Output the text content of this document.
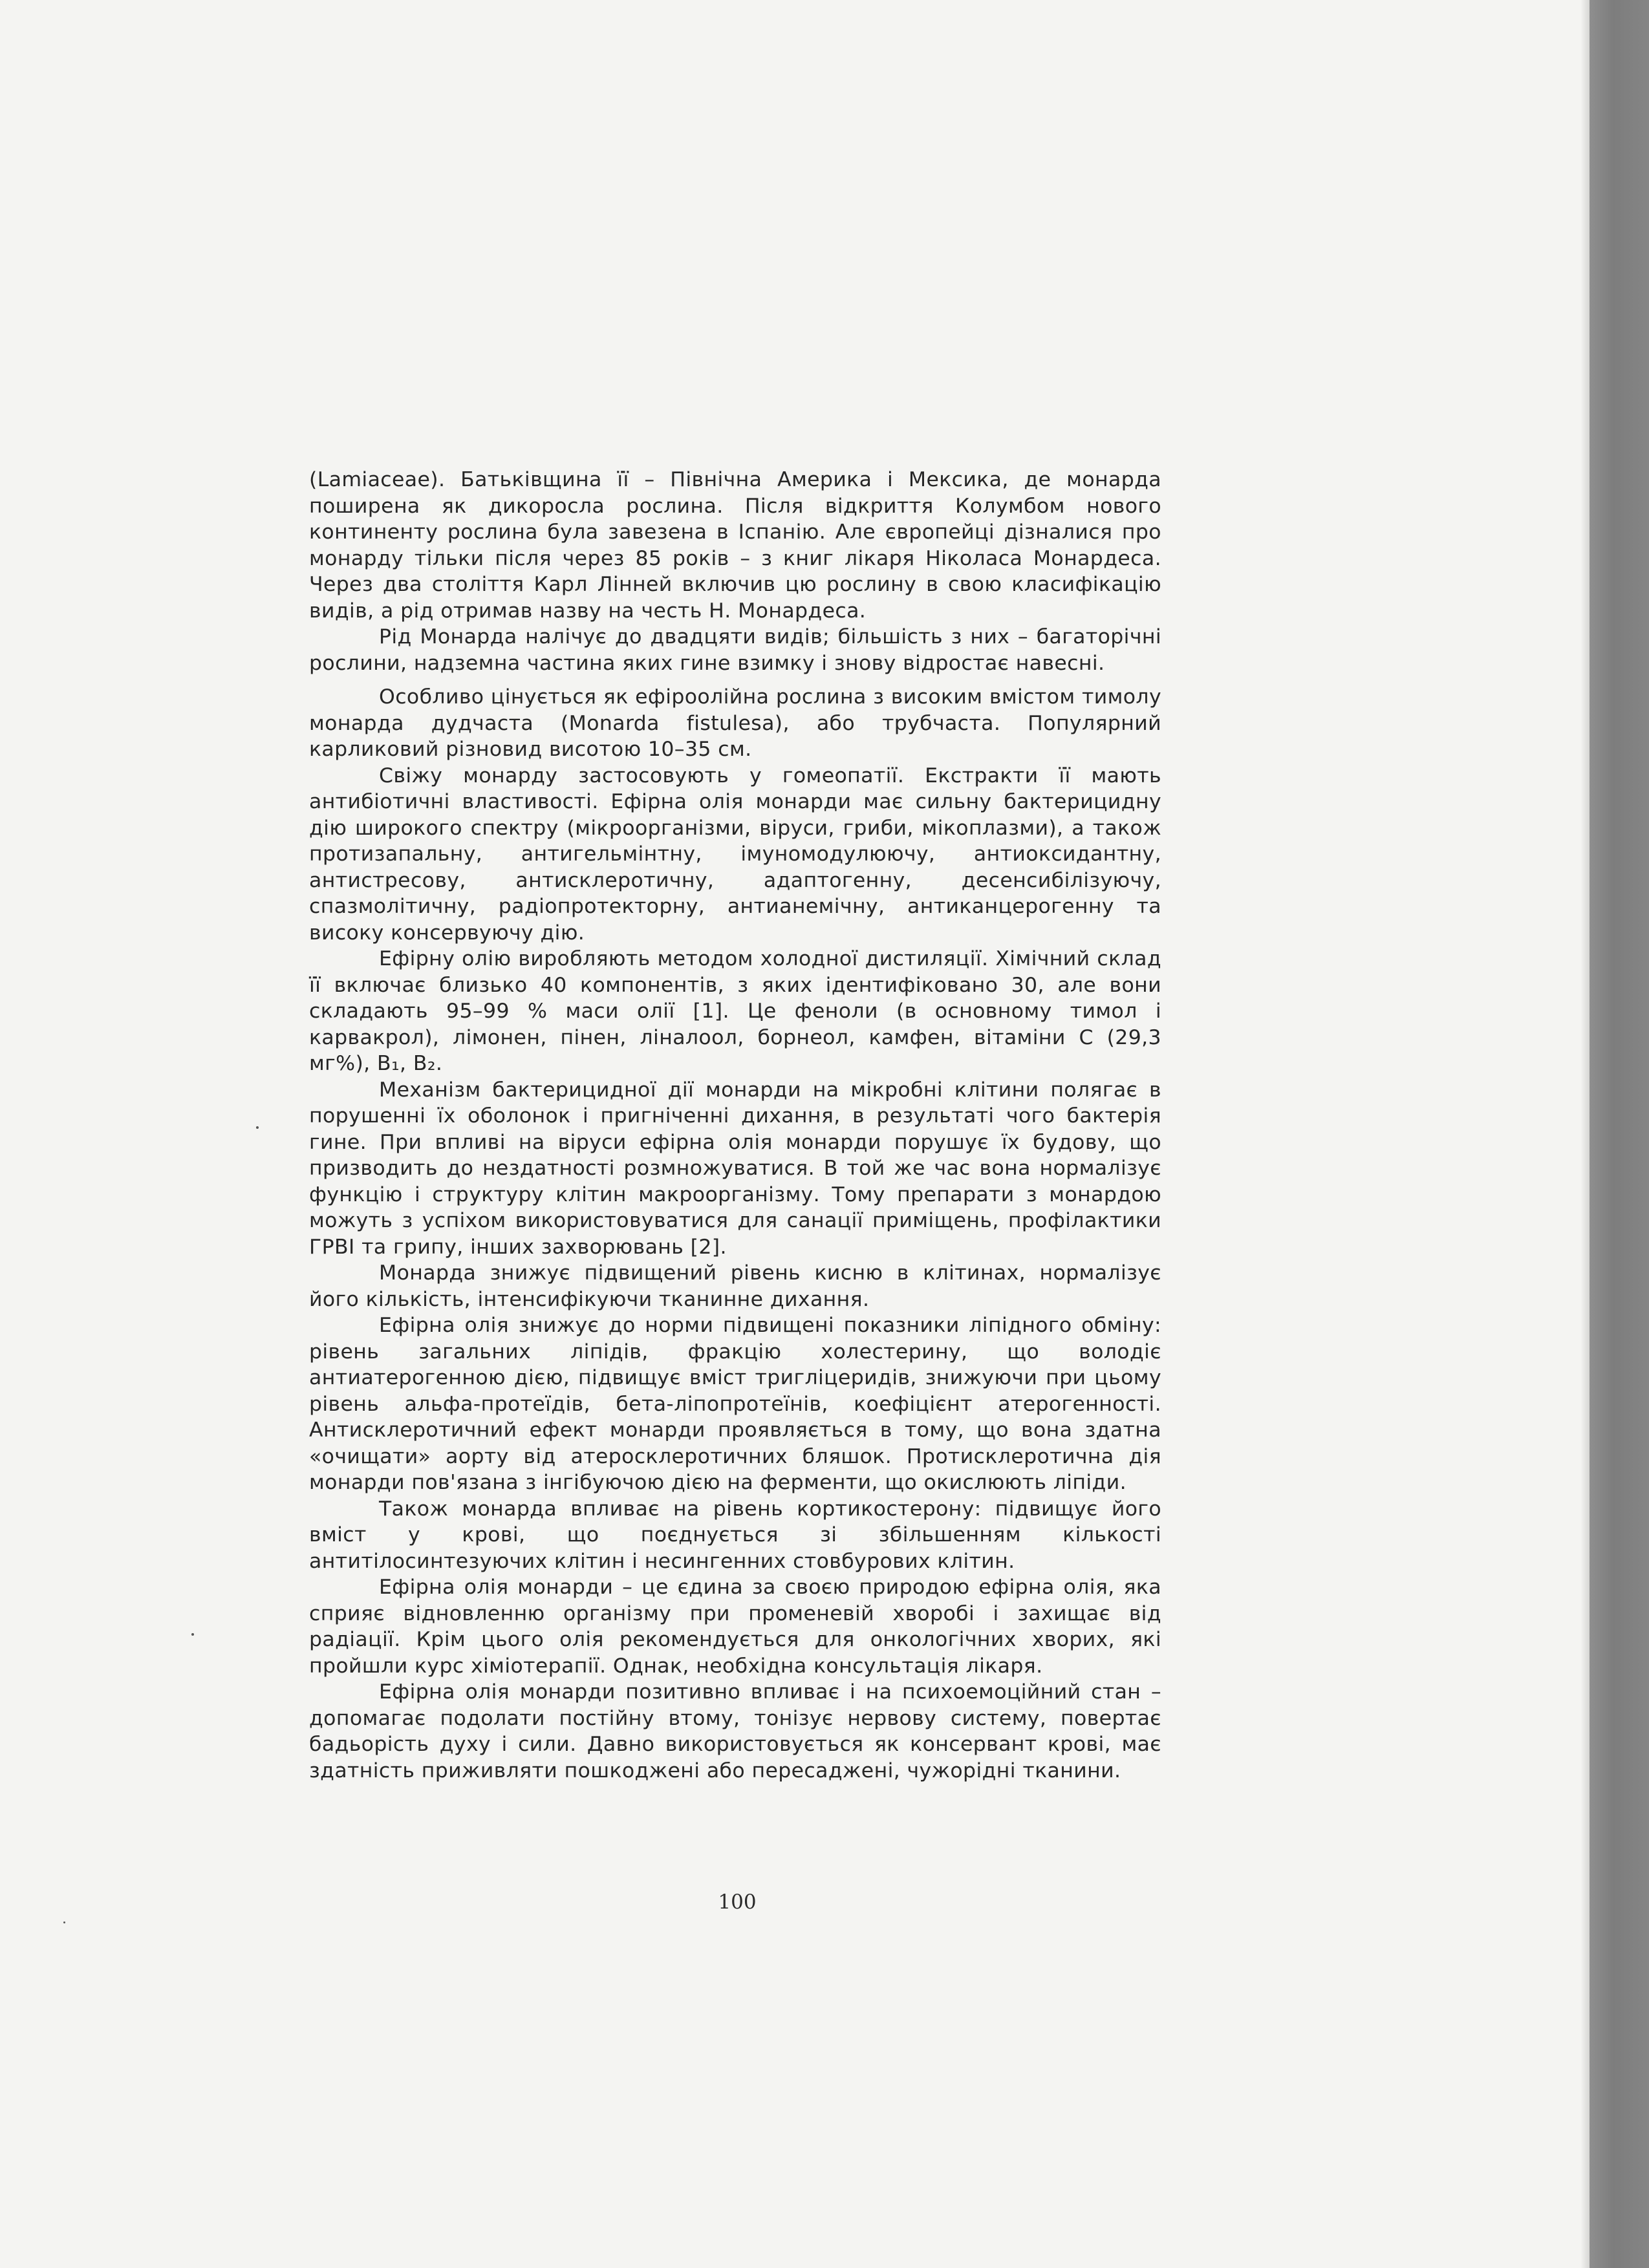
(Lamiaceae). Батьківщина її – Північна Америка і Мексика, де монарда поширена як дикоросла рослина. Після відкриття Колумбом нового континенту рослина була завезена в Іспанію. Але європейці дізналися про монарду тільки після через 85 років – з книг лікаря Ніколаса Монардеса. Через два століття Карл Лінней включив цю рослину в свою класифікацію видів, а рід отримав назву на честь Н. Монардеса.

Рід Монарда налічує до двадцяти видів; більшість з них – багаторічні рослини, надземна частина яких гине взимку і знову відростає навесні.

Особливо цінується як ефіроолійна рослина з високим вмістом тимолу монарда дудчаста (Monarda fistulesa), або трубчаста. Популярний карликовий різновид висотою 10–35 см.

Свіжу монарду застосовують у гомеопатії. Екстракти її мають антибіотичні властивості. Ефірна олія монарди має сильну бактерицидну дію широкого спектру (мікроорганізми, віруси, гриби, мікоплазми), а також протизапальну, антигельмінтну, імуномодулюючу, антиоксидантну, антистресову, антисклеротичну, адаптогенну, десенсибілізуючу, спазмолітичну, радіопротекторну, антианемічну, антиканцерогенну та високу консервуючу дію.

Ефірну олію виробляють методом холодної дистиляції. Хімічний склад її включає близько 40 компонентів, з яких ідентифіковано 30, але вони складають 95–99 % маси олії [1]. Це феноли (в основному тимол і карвакрол), лімонен, пінен, ліналоол, борнеол, камфен, вітаміни С (29,3 мг%), В₁, В₂.

Механізм бактерицидної дії монарди на мікробні клітини полягає в порушенні їх оболонок і пригніченні дихання, в результаті чого бактерія гине. При впливі на віруси ефірна олія монарди порушує їх будову, що призводить до нездатності розмножуватися. В той же час вона нормалізує функцію і структуру клітин макроорганізму. Тому препарати з монардою можуть з успіхом використовуватися для санації приміщень, профілактики ГРВІ та грипу, інших захворювань [2].

Монарда знижує підвищений рівень кисню в клітинах, нормалізує його кількість, інтенсифікуючи тканинне дихання.

Ефірна олія знижує до норми підвищені показники ліпідного обміну: рівень загальних ліпідів, фракцію холестерину, що володіє антиатерогенною дією, підвищує вміст тригліцеридів, знижуючи при цьому рівень альфа-протеїдів, бета-ліпопротеїнів, коефіцієнт атерогенності. Антисклеротичний ефект монарди проявляється в тому, що вона здатна «очищати» аорту від атеросклеротичних бляшок. Протисклеротична дія монарди пов'язана з інгібуючою дією на ферменти, що окислюють ліпіди.

Також монарда впливає на рівень кортикостерону: підвищує його вміст у крові, що поєднується зі збільшенням кількості антитілосинтезуючих клітин і несингенних стовбурових клітин.

Ефірна олія монарди – це єдина за своєю природою ефірна олія, яка сприяє відновленню організму при променевій хворобі і захищає від радіації. Крім цього олія рекомендується для онкологічних хворих, які пройшли курс хіміотерапії. Однак, необхідна консультація лікаря.

Ефірна олія монарди позитивно впливає і на психоемоційний стан – допомагає подолати постійну втому, тонізує нервову систему, повертає бадьорість духу і сили. Давно використовується як консервант крові, має здатність приживляти пошкоджені або пересаджені, чужорідні тканини.

100
